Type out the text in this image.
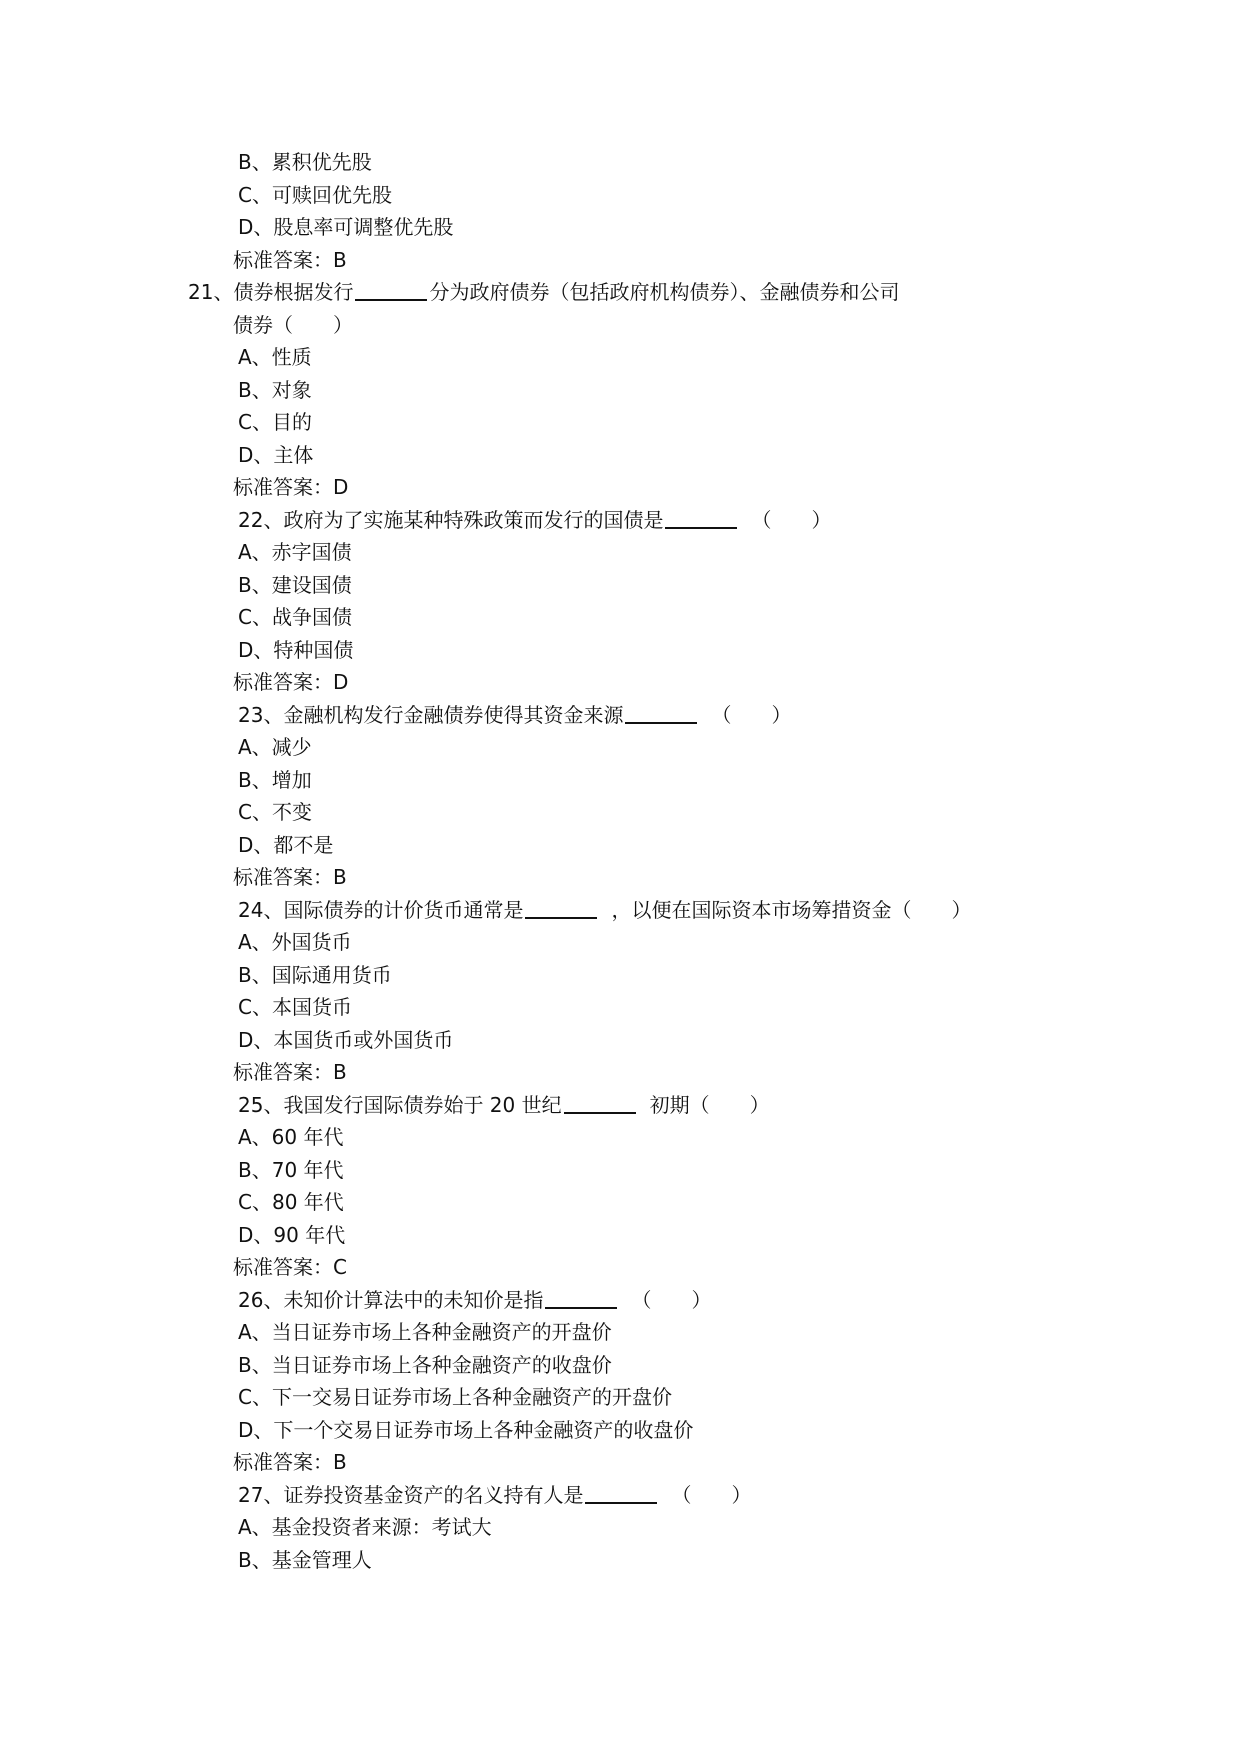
B、累积优先股
C、可赎回优先股
D、股息率可调整优先股
标准答案：B
21、债券根据发行	分为政府债券（包括政府机构债券）、金融债券和公司
债券（　　）
A、性质
B、对象
C、目的
D、主体
标准答案：D
22、政府为了实施某种特殊政策而发行的国债是	（　　）
A、赤字国债
B、建设国债
C、战争国债
D、特种国债
标准答案：D
23、金融机构发行金融债券使得其资金来源	（　　）
A、减少
B、增加
C、不变
D、都不是
标准答案：B
24、国际债券的计价货币通常是	，以便在国际资本市场筹措资金（　　）
A、外国货币
B、国际通用货币
C、本国货币
D、本国货币或外国货币
标准答案：B
25、我国发行国际债券始于 20 世纪	初期（　　）
A、60 年代
B、70 年代
C、80 年代
D、90 年代
标准答案：C
26、未知价计算法中的未知价是指	（　　）
A、当日证券市场上各种金融资产的开盘价
B、当日证券市场上各种金融资产的收盘价
C、下一交易日证券市场上各种金融资产的开盘价
D、下一个交易日证券市场上各种金融资产的收盘价
标准答案：B
27、证券投资基金资产的名义持有人是	（　　）
A、基金投资者来源：考试大
B、基金管理人
